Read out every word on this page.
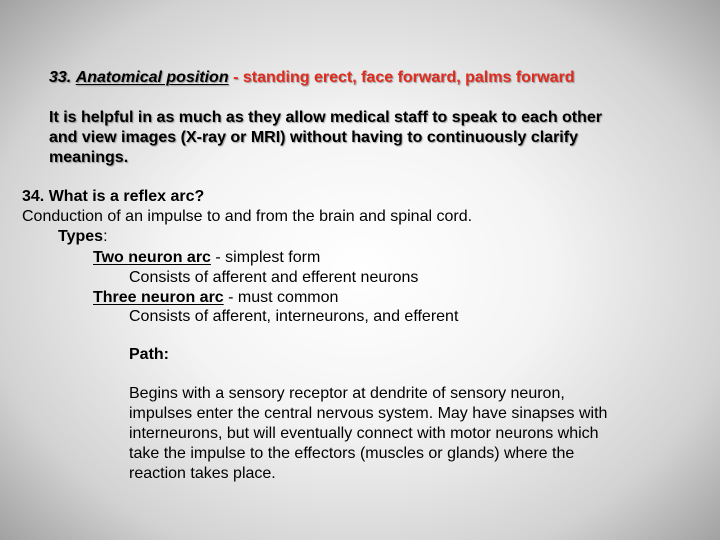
33. Anatomical position - standing erect, face forward, palms forward
It is helpful in as much as they allow medical staff to speak to each other
and view images (X-ray or MRI) without having to continuously clarify
meanings.
34. What is a reflex arc?
Conduction of an impulse to and from the brain and spinal cord.
Types:
Two neuron arc - simplest form
Consists of afferent and efferent neurons
Three neuron arc - must common
Consists of afferent, interneurons, and efferent
Path:
Begins with a sensory receptor at dendrite of sensory neuron,
impulses enter the central nervous system. May have sinapses with
interneurons, but will eventually connect with motor neurons which
take the impulse to the effectors (muscles or glands) where the
reaction takes place.
